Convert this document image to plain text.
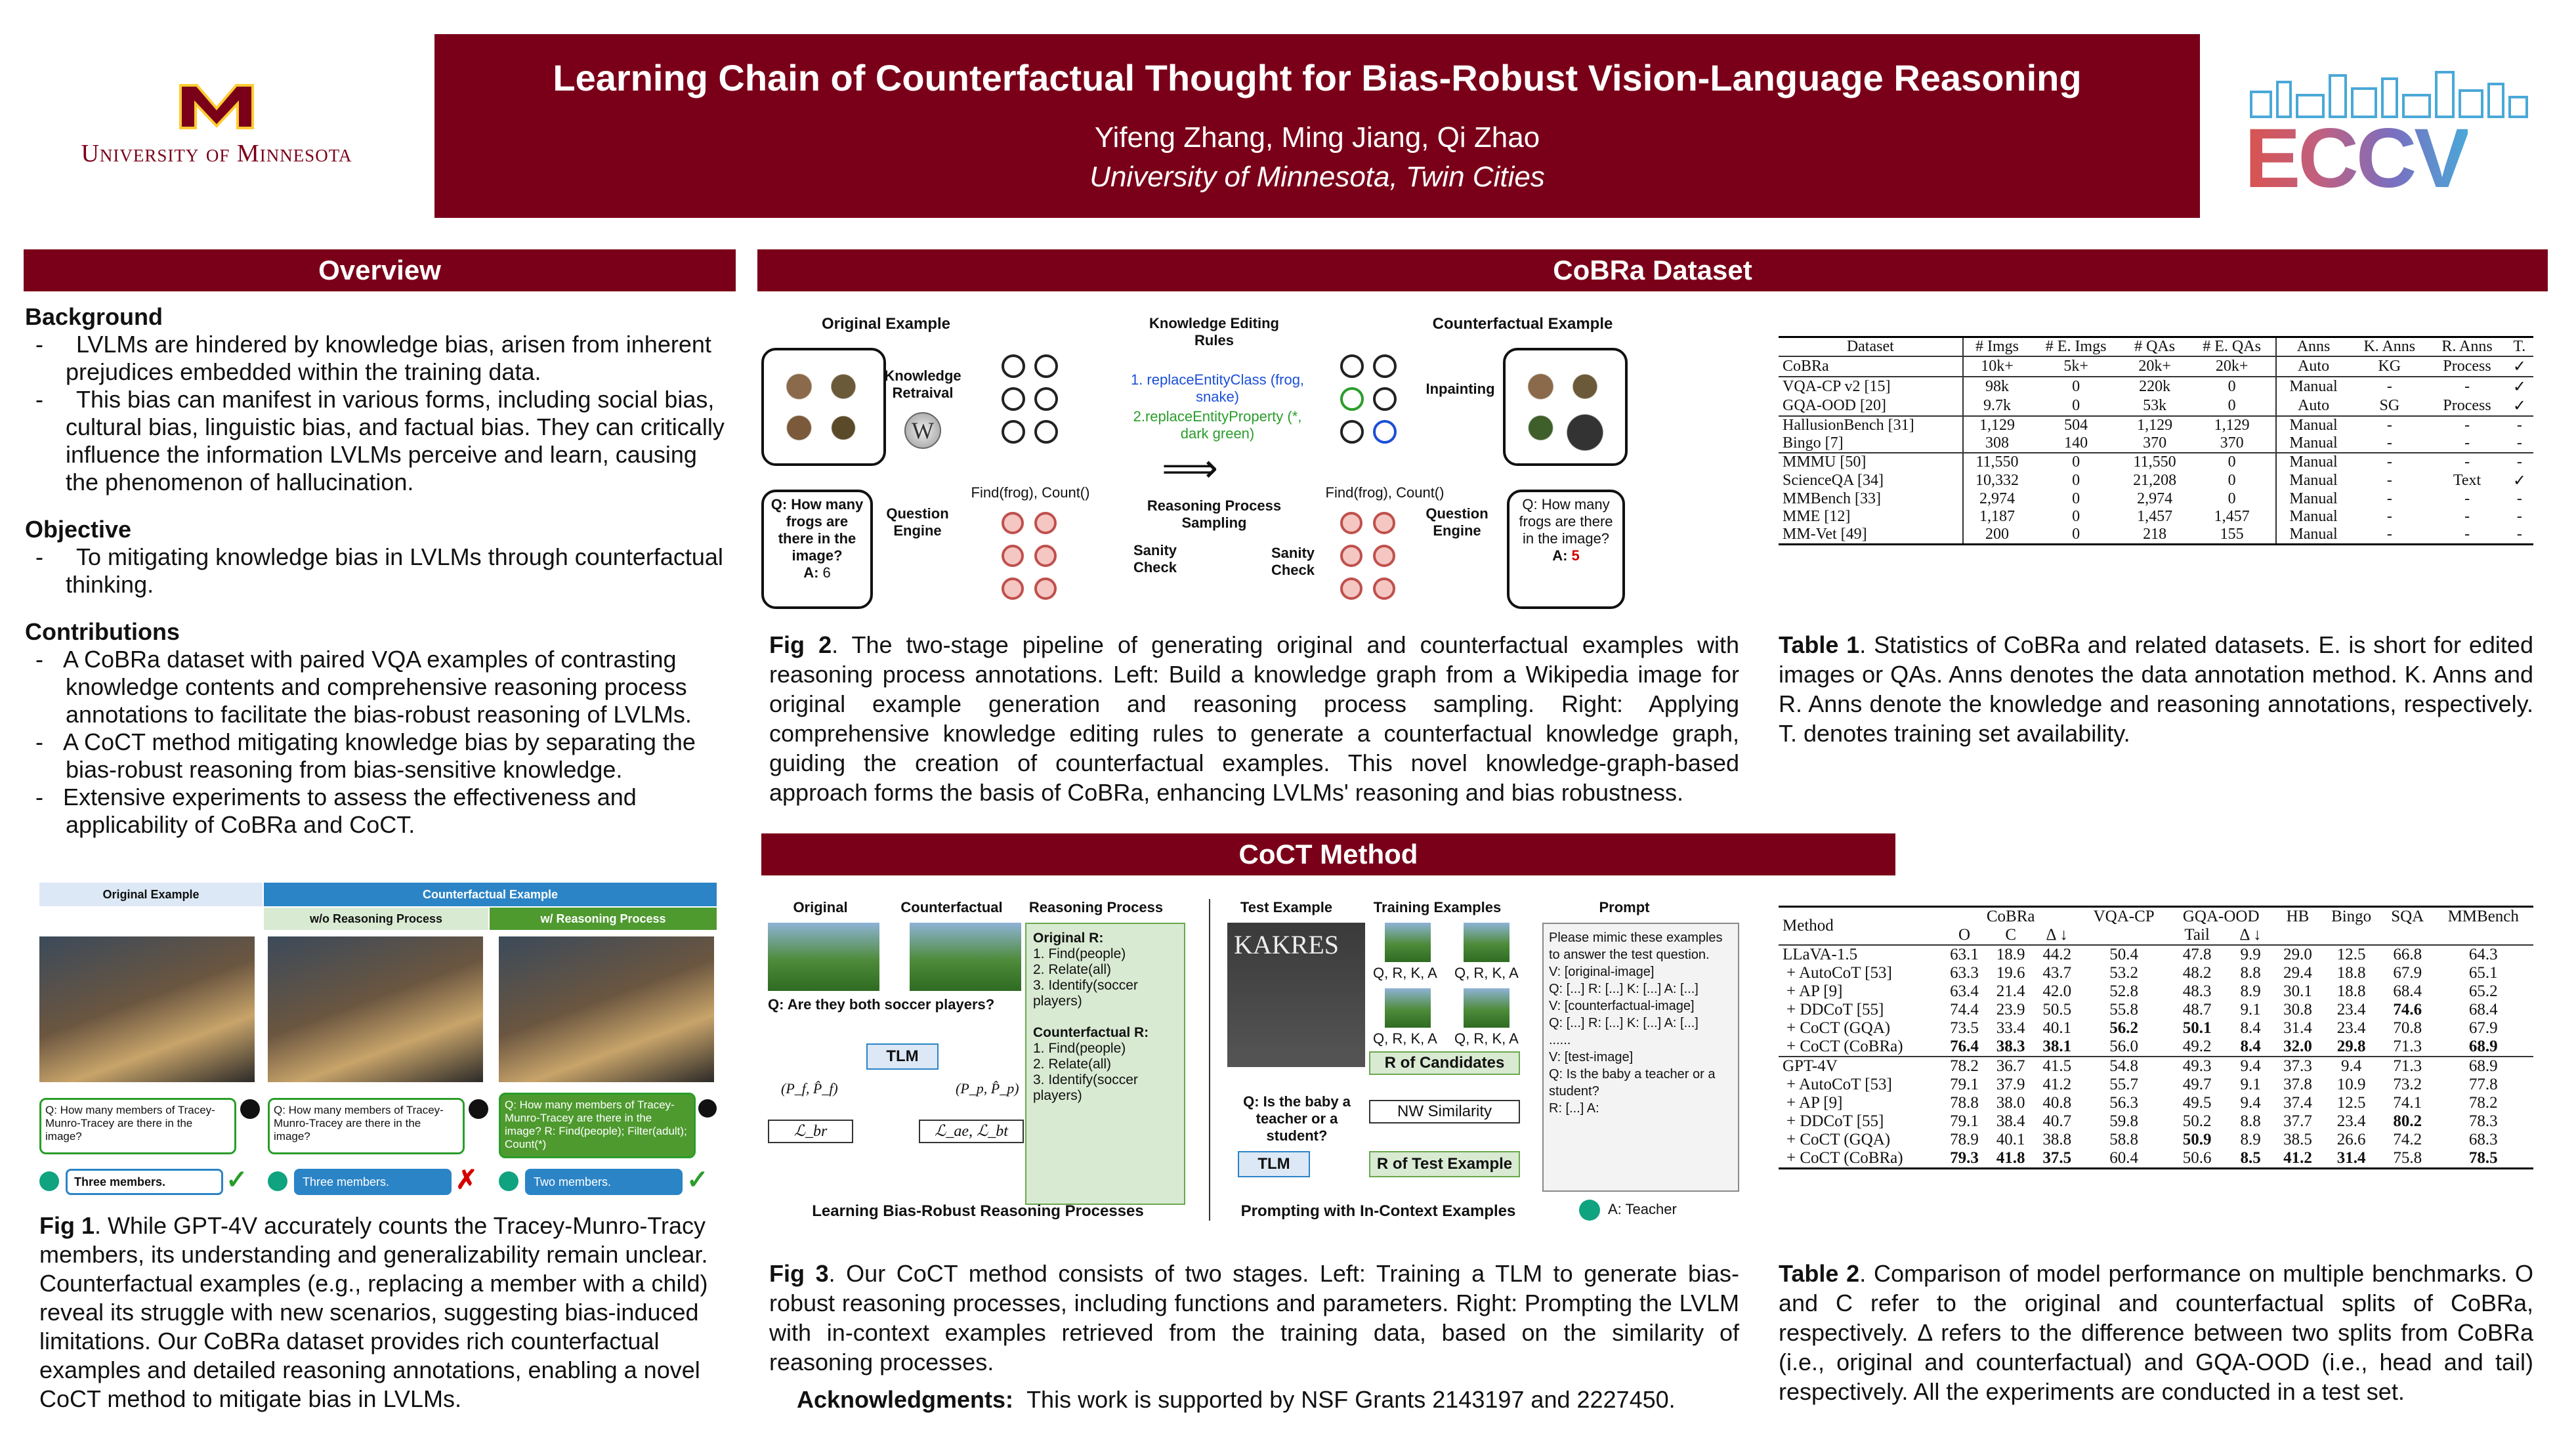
University of Minnesota
Learning Chain of Counterfactual Thought for Bias-Robust Vision-Language Reasoning
Yifeng Zhang, Ming Jiang, Qi Zhao
University of Minnesota, Twin Cities	ECCV
Overview
Background
-     LVLMs are hindered by knowledge bias, arisen from inherent prejudices embedded within the training data.
-     This bias can manifest in various forms, including social bias, cultural bias, linguistic bias, and factual bias. They can critically influence the information LVLMs perceive and learn, causing the phenomenon of hallucination.
Objective
-     To mitigating knowledge bias in LVLMs through counterfactual thinking.
Contributions
-   A CoBRa dataset with paired VQA examples of contrasting knowledge contents and comprehensive reasoning process annotations to facilitate the bias-robust reasoning of LVLMs.
-   A CoCT method mitigating knowledge bias by separating the bias-robust reasoning from bias-sensitive knowledge.
-   Extensive experiments to assess the effectiveness and applicability of CoBRa and CoCT.
Original Example	Counterfactual Example
w/o Reasoning Process	w/ Reasoning Process
Q: How many members of Tracey-Munro-Tracey are there in the image?
Q: How many members of Tracey-Munro-Tracey are there in the image?
Q: How many members of Tracey-Munro-Tracey are there in the image? R: Find(people); Filter(adult); Count(*)
Three members.	✓	Three members.	✗	Two members.	✓
Fig 1. While GPT-4V accurately counts the Tracey-Munro-Tracy members, its understanding and generalizability remain unclear. Counterfactual examples (e.g., replacing a member with a child) reveal its struggle with new scenarios, suggesting bias-induced limitations. Our CoBRa dataset provides rich counterfactual examples and detailed reasoning annotations, enabling a novel CoCT method to mitigate bias in LVLMs.
CoBRa Dataset
Original Example
Knowledge Retraival
W
Knowledge Editing Rules
1. replaceEntityClass (frog, snake)
2.replaceEntityProperty (*, dark green)
⟹
Reasoning Process Sampling
Counterfactual Example
Inpainting
Find(frog), Count()	Find(frog), Count()
Q: How many frogs are there in the image?
A: 6
Question Engine
Sanity Check
Sanity Check
Question Engine
Q: How many frogs are there in the image?
A: 5
Fig 2. The two-stage pipeline of generating original and counterfactual examples with reasoning process annotations. Left: Build a knowledge graph from a Wikipedia image for original example generation and reasoning process sampling. Right: Applying comprehensive knowledge editing rules to generate a counterfactual knowledge graph, guiding the creation of counterfactual examples. This novel knowledge-graph-based approach forms the basis of CoBRa, enhancing LVLMs' reasoning and bias robustness.
Dataset	# Imgs	# E. Imgs	# QAs	# E. QAs	Anns	K. Anns	R. Anns	T.
CoBRa	10k+	5k+	20k+	20k+	Auto	KG	Process	✓
VQA-CP v2 [15]	98k	0	220k	0	Manual	-	-	✓
GQA-OOD [20]	9.7k	0	53k	0	Auto	SG	Process	✓
HallusionBench [31]	1,129	504	1,129	1,129	Manual	-	-	-
Bingo [7]	308	140	370	370	Manual	-	-	-
MMMU [50]	11,550	0	11,550	0	Manual	-	-	-
ScienceQA [34]	10,332	0	21,208	0	Manual	-	Text	✓
MMBench [33]	2,974	0	2,974	0	Manual	-	-	-
MME [12]	1,187	0	1,457	1,457	Manual	-	-	-
MM-Vet [49]	200	0	218	155	Manual	-	-	-
Table 1. Statistics of CoBRa and related datasets. E. is short for edited images or QAs. Anns denotes the data annotation method. K. Anns and R. Anns denote the knowledge and reasoning annotations, respectively. T. denotes training set availability.
CoCT Method
Original	Counterfactual	Reasoning Process
Q: Are they both soccer players?
TLM
(P_f, P̂_f)	(P_p, P̂_p)
ℒ_br	ℒ_ae, ℒ_bt
Original R:
1. Find(people)
2. Relate(all)
3. Identify(soccer players)

Counterfactual R:
1. Find(people)
2. Relate(all)
3. Identify(soccer players)
Test Example	Training Examples	Prompt
KAKRES
Q: Is the baby a teacher or a student?
TLM
Q, R, K, A Q, R, K, A
Q, R, K, A Q, R, K, A
R of Candidates
NW Similarity
R of Test Example
Please mimic these examples to answer the test question.
V: [original-image]
Q: [...] R: [...] K: [...] A: [...]
V: [counterfactual-image]
Q: [...] R: [...] K: [...] A: [...]
......
V: [test-image]
Q: Is the baby a teacher or a student?
R: [...] A:
A: Teacher
Learning Bias-Robust Reasoning Processes	Prompting with In-Context Examples
Fig 3. Our CoCT method consists of two stages. Left: Training a TLM to generate bias-robust reasoning processes, including functions and parameters. Right: Prompting the LVLM with in-context examples retrieved from the training data, based on the similarity of reasoning processes.
Acknowledgments: This work is supported by NSF Grants 2143197 and 2227450.
Method	CoBRa			VQA-CP	GQA-OOD		HB	Bingo	SQA	MMBench
	O	C	Δ ↓		Tail	Δ ↓				
LLaVA-1.5	63.1	18.9	44.2	50.4	47.8	9.9	29.0	12.5	66.8	64.3
+ AutoCoT [53]	63.3	19.6	43.7	53.2	48.2	8.8	29.4	18.8	67.9	65.1
+ AP [9]	63.4	21.4	42.0	52.8	48.3	8.9	30.1	18.8	68.4	65.2
+ DDCoT [55]	74.4	23.9	50.5	55.8	48.7	9.1	30.8	23.4	74.6	68.4
+ CoCT (GQA)	73.5	33.4	40.1	56.2	50.1	8.4	31.4	23.4	70.8	67.9
+ CoCT (CoBRa)	76.4	38.3	38.1	56.0	49.2	8.4	32.0	29.8	71.3	68.9
GPT-4V	78.2	36.7	41.5	54.8	49.3	9.4	37.3	9.4	71.3	68.9
+ AutoCoT [53]	79.1	37.9	41.2	55.7	49.7	9.1	37.8	10.9	73.2	77.8
+ AP [9]	78.8	38.0	40.8	56.3	49.5	9.4	37.4	12.5	74.1	78.2
+ DDCoT [55]	79.1	38.4	40.7	59.8	50.2	8.8	37.7	23.4	80.2	78.3
+ CoCT (GQA)	78.9	40.1	38.8	58.8	50.9	8.9	38.5	26.6	74.2	68.3
+ CoCT (CoBRa)	79.3	41.8	37.5	60.4	50.6	8.5	41.2	31.4	75.8	78.5
Table 2. Comparison of model performance on multiple benchmarks. O and C refer to the original and counterfactual splits of CoBRa, respectively. Δ refers to the difference between two splits from CoBRa (i.e., original and counterfactual) and GQA-OOD (i.e., head and tail) respectively. All the experiments are conducted in a test set.
